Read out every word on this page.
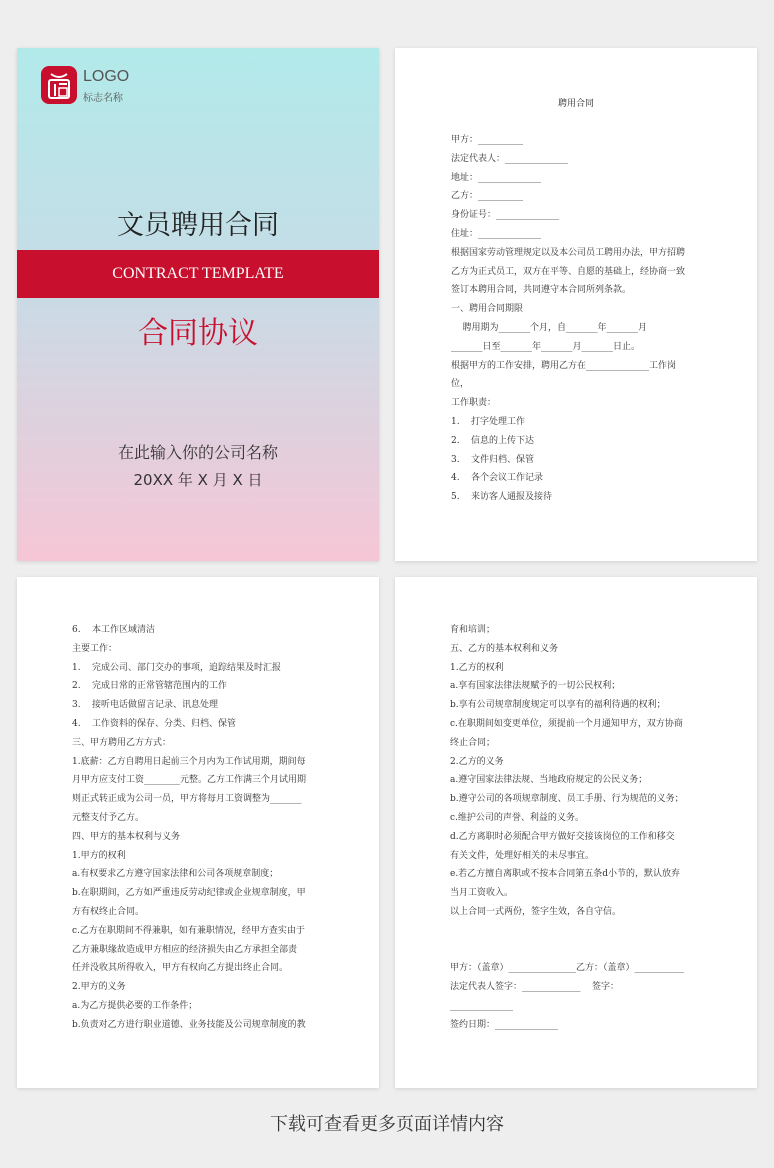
LOGO
标志名称
文员聘用合同
CONTRACT TEMPLATE
合同协议
在此输入你的公司名称
20XX 年 X 月 X 日
聘用合同
甲方：__________
法定代表人：______________
地址：______________
乙方：__________
身份证号：______________
住址：______________
根据国家劳动管理规定以及本公司员工聘用办法，甲方招聘
乙方为正式员工，双方在平等、自愿的基础上，经协商一致
签订本聘用合同，共同遵守本合同所列条款。
一、聘用合同期限
聘用期为_______个月，自_______年_______月
_______日至_______年_______月_______日止。
根据甲方的工作安排，聘用乙方在______________工作岗
位，
工作职责：
1.    打字处理工作
2.    信息的上传下达
3.    文件归档、保管
4.    各个会议工作记录
5.    来访客人通报及接待
6.    本工作区域清洁
主要工作：
1.    完成公司、部门交办的事项，追踪结果及时汇报
2.    完成日常的正常管辖范围内的工作
3.    接听电话做留言记录、讯息处理
4.    工作资料的保存、分类、归档、保管
三、甲方聘用乙方方式：
1.底薪：乙方自聘用日起前三个月内为工作试用期，期间每
月甲方应支付工资________元整。乙方工作满三个月试用期
则正式转正成为公司一员，甲方将每月工资调整为_______
元整支付予乙方。
四、甲方的基本权利与义务
1.甲方的权利
a.有权要求乙方遵守国家法律和公司各项规章制度；
b.在职期间，乙方如严重违反劳动纪律或企业规章制度，甲
方有权终止合同。
c.乙方在职期间不得兼职，如有兼职情况，经甲方查实由于
乙方兼职缘故造成甲方相应的经济损失由乙方承担全部责
任并没收其所得收入，甲方有权向乙方提出终止合同。
2.甲方的义务
a.为乙方提供必要的工作条件；
b.负责对乙方进行职业道德、业务技能及公司规章制度的教
育和培训；
五、乙方的基本权利和义务
1.乙方的权利
a.享有国家法律法规赋予的一切公民权利；
b.享有公司规章制度规定可以享有的福利待遇的权利；
c.在职期间如变更单位，须提前一个月通知甲方，双方协商
终止合同；
2.乙方的义务
a.遵守国家法律法规、当地政府规定的公民义务；
b.遵守公司的各项规章制度、员工手册、行为规范的义务；
c.维护公司的声誉、利益的义务。
d.乙方离职时必须配合甲方做好交接该岗位的工作和移交
有关文件，处理好相关的未尽事宜。
e.若乙方擅自离职或不按本合同第五条d小节的，默认放弃
当月工资收入。
以上合同一式两份，签字生效，各自守信。

甲方：（盖章）_______________乙方：（盖章）___________
法定代表人签字：_____________    签字：
______________
签约日期：______________
下载可查看更多页面详情内容
